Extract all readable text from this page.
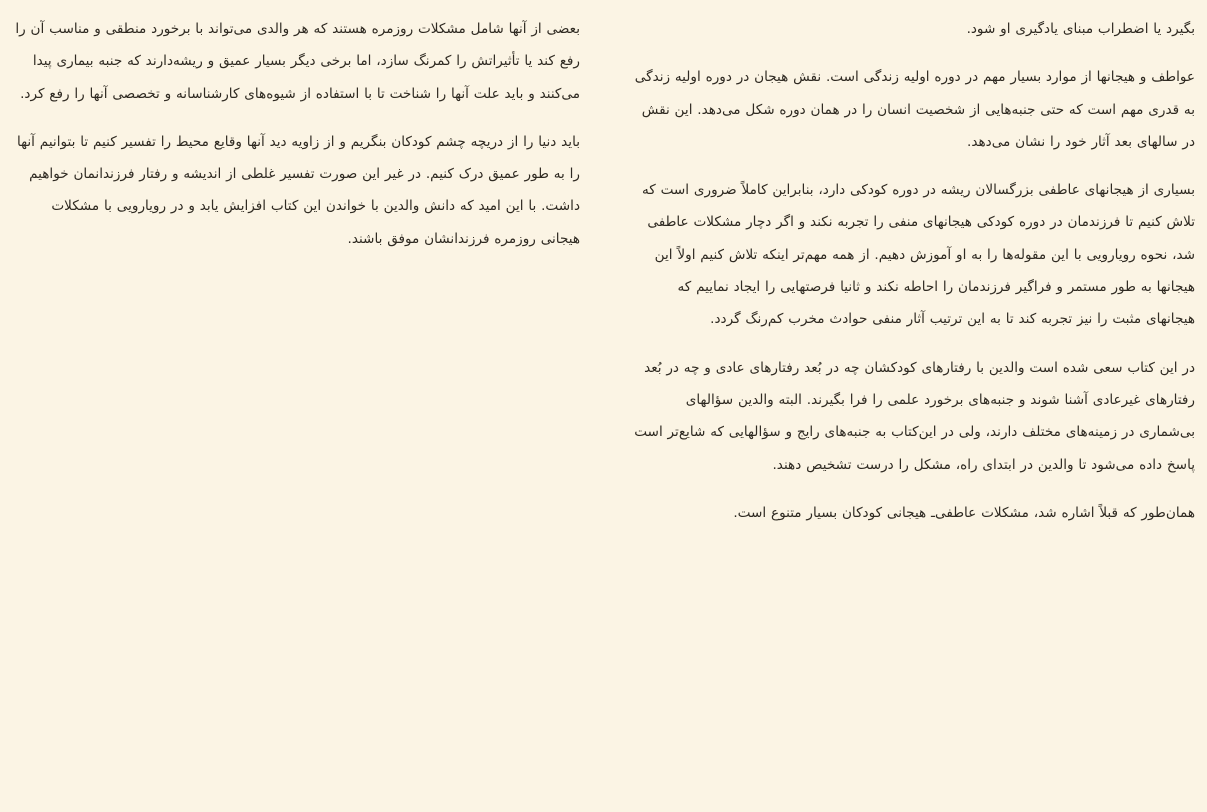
بگیرد یا اضطراب مبنای یادگیری او شود.

عواطف و هیجانها از موارد بسیار مهم در دوره اولیه زندگی است. نقش هیجان در دوره اولیه زندگی به قدری مهم است که حتی جنبه‌هایی از شخصیت انسان را در همان دوره شکل می‌دهد. این نقش در سالهای بعد آثار خود را نشان می‌دهد.

بسیاری از هیجانهای عاطفی بزرگسالان ریشه در دوره کودکی دارد، بنابراین کاملاً ضروری است که تلاش کنیم تا فرزندمان در دوره کودکی هیجانهای منفی را تجربه نکند و اگر دچار مشکلات عاطفی شد، نحوه رویارویی با این مقوله‌ها را به او آموزش دهیم. از همه مهم‌تر اینکه تلاش کنیم اولاً این هیجانها به طور مستمر و فراگیر فرزندمان را احاطه نکند و ثانیا فرصتهایی را ایجاد نماییم که هیجانهای مثبت را نیز تجربه کند تا به این ترتیب آثار منفی حوادث مخرب کم‌رنگ گردد.

در این کتاب سعی شده است والدین با رفتارهای کودکشان چه در بُعد رفتارهای عادی و چه در بُعد رفتارهای غیرعادی آشنا شوند و جنبه‌های برخورد علمی را فرا بگیرند. البته والدین سؤالهای بی‌شماری در زمینه‌های مختلف دارند، ولی در این‌کتاب به جنبه‌های رایج و سؤالهایی که شایع‌تر است پاسخ داده می‌شود تا والدین در ابتدای راه، مشکل را درست تشخیص دهند.

همان‌طور که قبلاً اشاره شد، مشکلات عاطفی‌ـ هیجانی کودکان بسیار متنوع است.

بعضی از آنها شامل مشکلات روزمره هستند که هر والدی می‌تواند با برخورد منطقی و مناسب آن را رفع کند یا تأثیراتش را کمرنگ سازد، اما برخی دیگر بسیار عمیق و ریشه‌دارند که جنبه بیماری پیدا می‌کنند و باید علت آنها را شناخت تا با استفاده از شیوه‌های کارشناسانه و تخصصی آنها را رفع کرد.

باید دنیا را از دریچه چشم کودکان بنگریم و از زاویه دید آنها وقایع محیط را تفسیر کنیم تا بتوانیم آنها را به طور عمیق درک کنیم. در غیر این صورت تفسیر غلطی از اندیشه و رفتار فرزندانمان خواهیم داشت. با این امید که دانش والدین با خواندن این کتاب افزایش یابد و در رویارویی با مشکلات هیجانی روزمره فرزندانشان موفق باشند.
